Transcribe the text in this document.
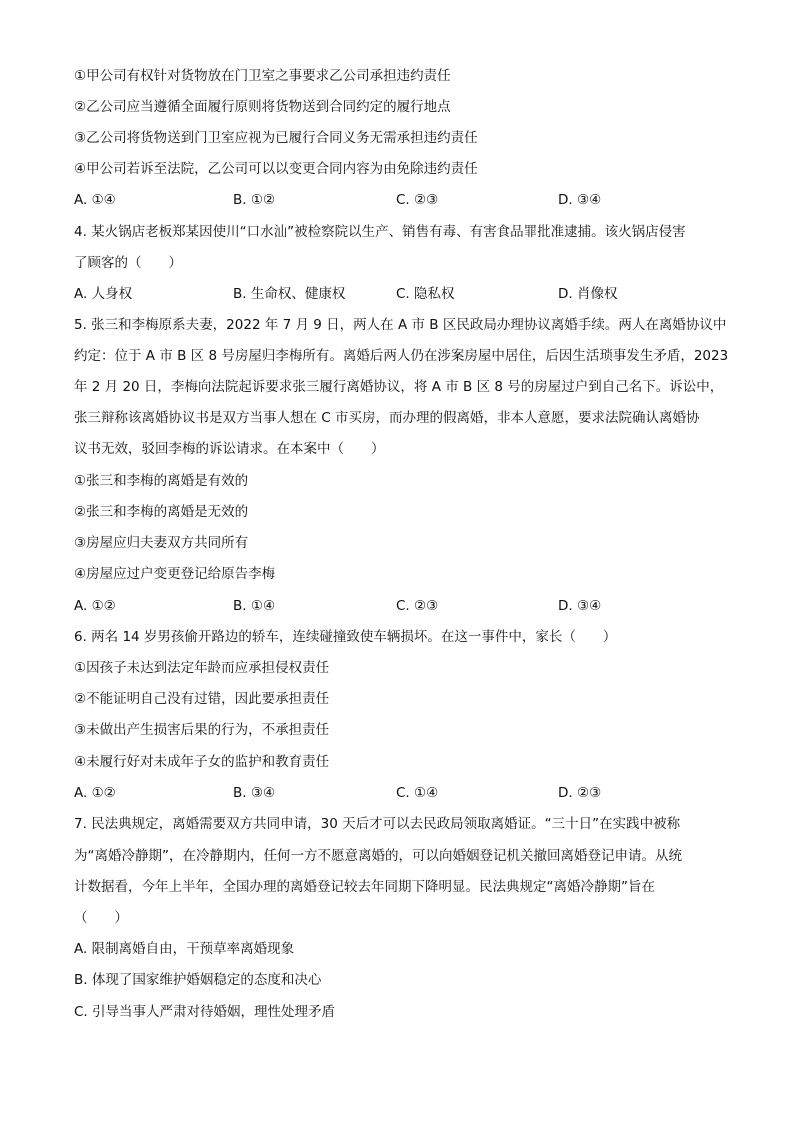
①甲公司有权针对货物放在门卫室之事要求乙公司承担违约责任
②乙公司应当遵循全面履行原则将货物送到合同约定的履行地点
③乙公司将货物送到门卫室应视为已履行合同义务无需承担违约责任
④甲公司若诉至法院，乙公司可以以变更合同内容为由免除违约责任
A. ①④	B. ①②	C. ②③	D. ③④
4. 某火锅店老板郑某因使川“口水汕”被检察院以生产、销售有毒、有害食品罪批准逮捕。该火锅店侵害
了顾客的（　　）
A. 人身权	B. 生命权、健康权	C. 隐私权	D. 肖像权
5. 张三和李梅原系夫妻，2022 年 7 月 9 日，两人在 A 市 B 区民政局办理协议离婚手续。两人在离婚协议中
约定：位于 A 市 B 区 8 号房屋归李梅所有。离婚后两人仍在涉案房屋中居住，后因生活琐事发生矛盾，2023
年 2 月 20 日，李梅向法院起诉要求张三履行离婚协议，将 A 市 B 区 8 号的房屋过户到自己名下。诉讼中，
张三辩称该离婚协议书是双方当事人想在 C 市买房，而办理的假离婚，非本人意愿，要求法院确认离婚协
议书无效，驳回李梅的诉讼请求。在本案中（　　）
①张三和李梅的离婚是有效的
②张三和李梅的离婚是无效的
③房屋应归夫妻双方共同所有
④房屋应过户变更登记给原告李梅
A. ①②	B. ①④	C. ②③	D. ③④
6. 两名 14 岁男孩偷开路边的轿车，连续碰撞致使车辆损坏。在这一事件中，家长（　　）
①因孩子未达到法定年龄而应承担侵权责任
②不能证明自己没有过错，因此要承担责任
③未做出产生损害后果的行为，不承担责任
④未履行好对未成年子女的监护和教育责任
A. ①②	B. ③④	C. ①④	D. ②③
7. 民法典规定，离婚需要双方共同申请，30 天后才可以去民政局领取离婚证。“三十日”在实践中被称
为“离婚冷静期”，在冷静期内，任何一方不愿意离婚的，可以向婚姻登记机关撤回离婚登记申请。从统
计数据看，今年上半年，全国办理的离婚登记较去年同期下降明显。民法典规定“离婚冷静期”旨在
（　　）
A. 限制离婚自由，干预草率离婚现象
B. 体现了国家维护婚姻稳定的态度和决心
C. 引导当事人严肃对待婚姻，理性处理矛盾
